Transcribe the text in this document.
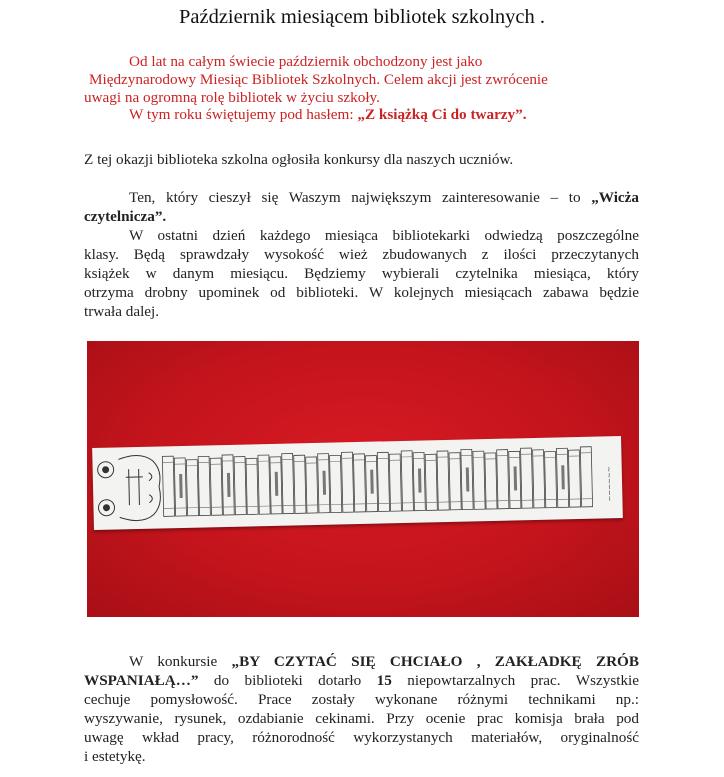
Październik miesiącem bibliotek szkolnych .
Od lat na całym świecie październik obchodzony jest jako
Międzynarodowy Miesiąc Bibliotek Szkolnych. Celem akcji jest zwrócenie
uwagi na ogromną rolę bibliotek w życiu szkoły.
W tym roku świętujemy pod hasłem: „Z książką Ci do twarzy”.
Z tej okazji biblioteka szkolna ogłosiła konkursy dla naszych uczniów.
Ten, który cieszył się Waszym największym zainteresowanie – to „Wicża
czytelnicza”.
W ostatni dzień każdego miesiąca bibliotekarki odwiedzą poszczególne
klasy. Będą sprawdzały wysokość wież zbudowanych z ilości przeczytanych
książek w danym miesiącu. Będziemy wybierali czytelnika miesiąca, który
otrzyma drobny upominek od biblioteki. W kolejnych miesiącach zabawa będzie
trwała dalej.
~~~~~~
W konkursie „BY CZYTAĆ SIĘ CHCIAŁO , ZAKŁADKĘ ZRÓB
WSPANIAŁĄ…” do biblioteki dotarło 15 niepowtarzalnych prac. Wszystkie
cechuje pomysłowość. Prace zostały wykonane różnymi technikami np.:
wyszywanie, rysunek, ozdabianie cekinami. Przy ocenie prac komisja brała pod
uwagę wkład pracy, różnorodność wykorzystanych materiałów, oryginalność
i estetykę.
